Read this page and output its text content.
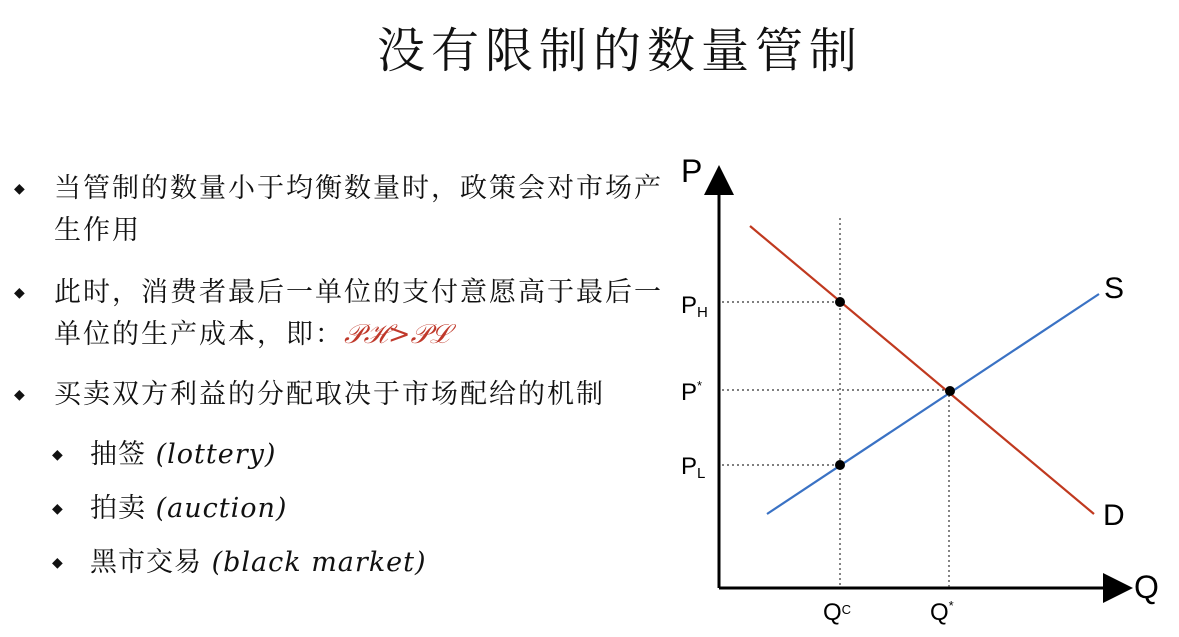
没有限制的数量管制
◆	当管制的数量小于均衡数量时，政策会对市场产生作用
◆	此时，消费者最后一单位的支付意愿高于最后一单位的生产成本，即：𝒫ℋ>𝒫ℒ
◆	买卖双方利益的分配取决于市场配给的机制
◆	抽签 (lottery)
◆	拍卖 (auction)
◆	黑市交易 (black market)
P
Q
S
D
PH
P*
PL
$Q^C$	Q*
